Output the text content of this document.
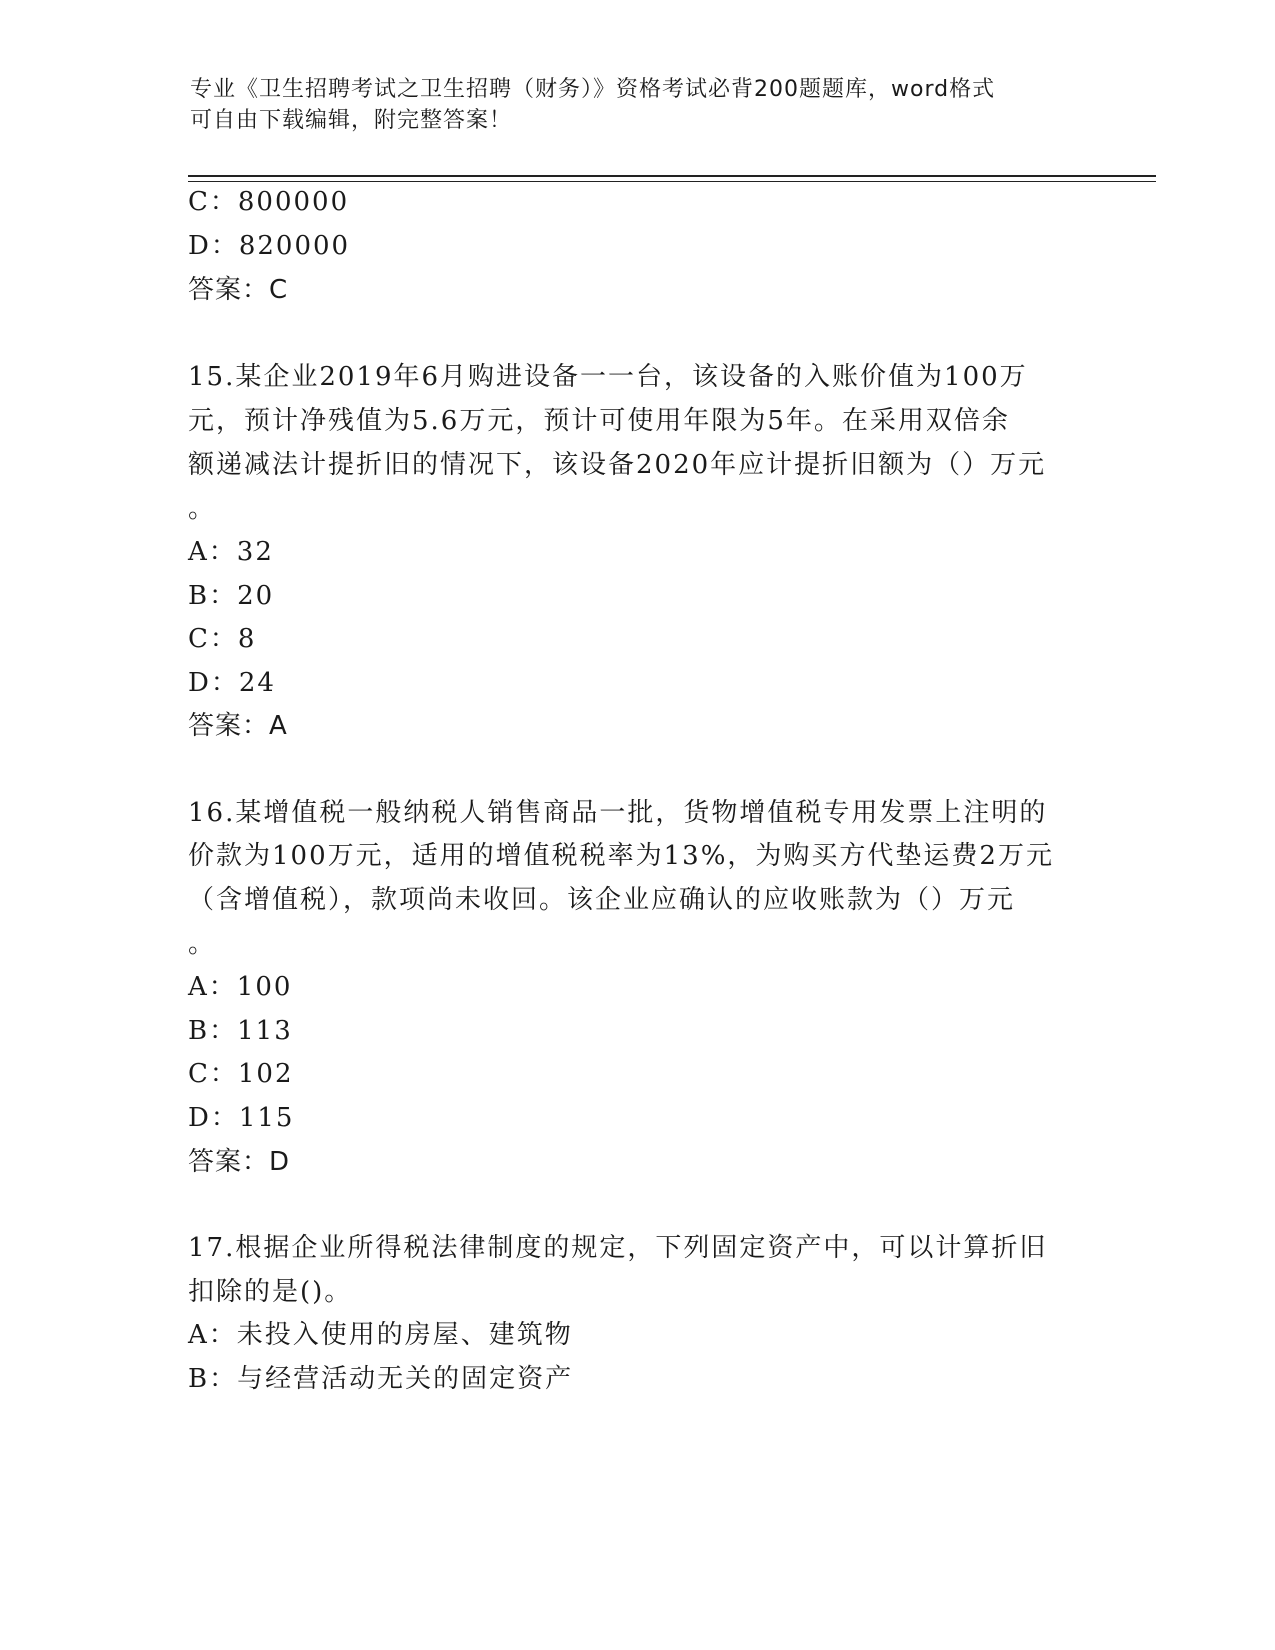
专业《卫生招聘考试之卫生招聘（财务）》资格考试必背200题题库，word格式
可自由下载编辑，附完整答案！
C：800000
D：820000
答案：C
15.某企业2019年6月购进设备一一台，该设备的入账价值为100万
元，预计净残值为5.6万元，预计可使用年限为5年。在采用双倍余
额递减法计提折旧的情况下，该设备2020年应计提折旧额为（）万元
。
A：32
B：20
C：8
D：24
答案：A
16.某增值税一般纳税人销售商品一批，货物增值税专用发票上注明的
价款为100万元，适用的增值税税率为13%，为购买方代垫运费2万元
（含增值税），款项尚未收回。该企业应确认的应收账款为（）万元
。
A：100
B：113
C：102
D：115
答案：D
17.根据企业所得税法律制度的规定，下列固定资产中，可以计算折旧
扣除的是()。
A：未投入使用的房屋、建筑物
B：与经营活动无关的固定资产
